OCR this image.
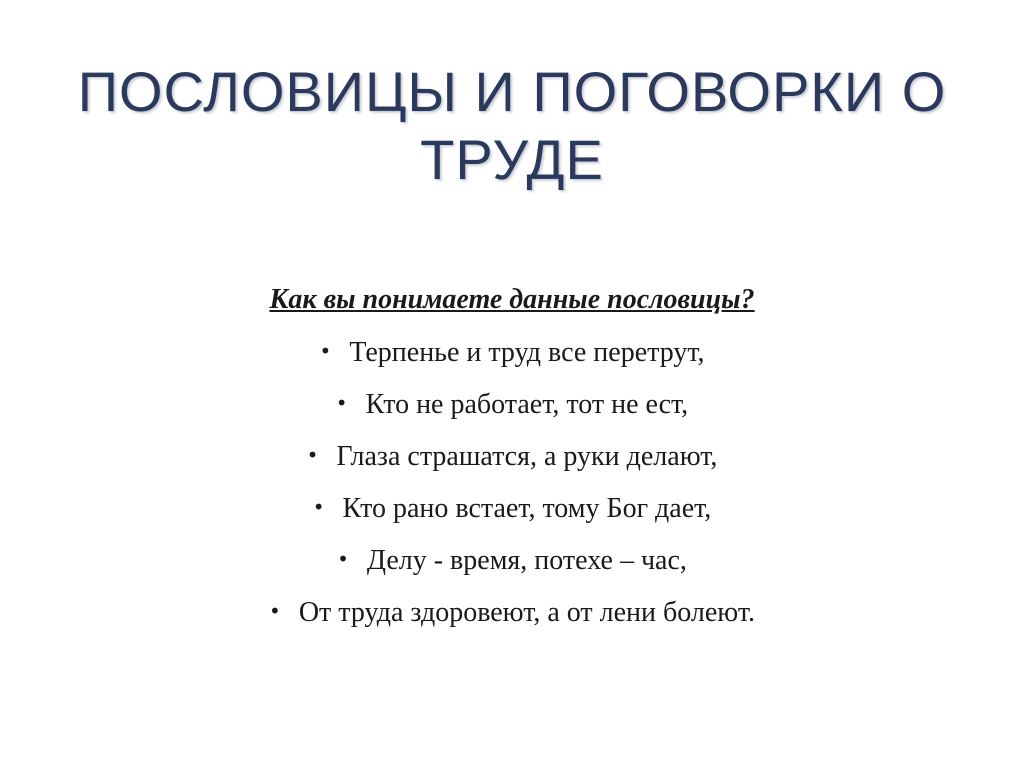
ПОСЛОВИЦЫ И ПОГОВОРКИ О
ТРУДЕ
Как вы понимаете данные пословицы?
• Терпенье и труд все перетрут,
• Кто не работает, тот не ест,
• Глаза страшатся, а руки делают,
• Кто рано встает, тому Бог дает,
• Делу - время, потехе – час,
• От труда здоровеют, а от лени болеют.
